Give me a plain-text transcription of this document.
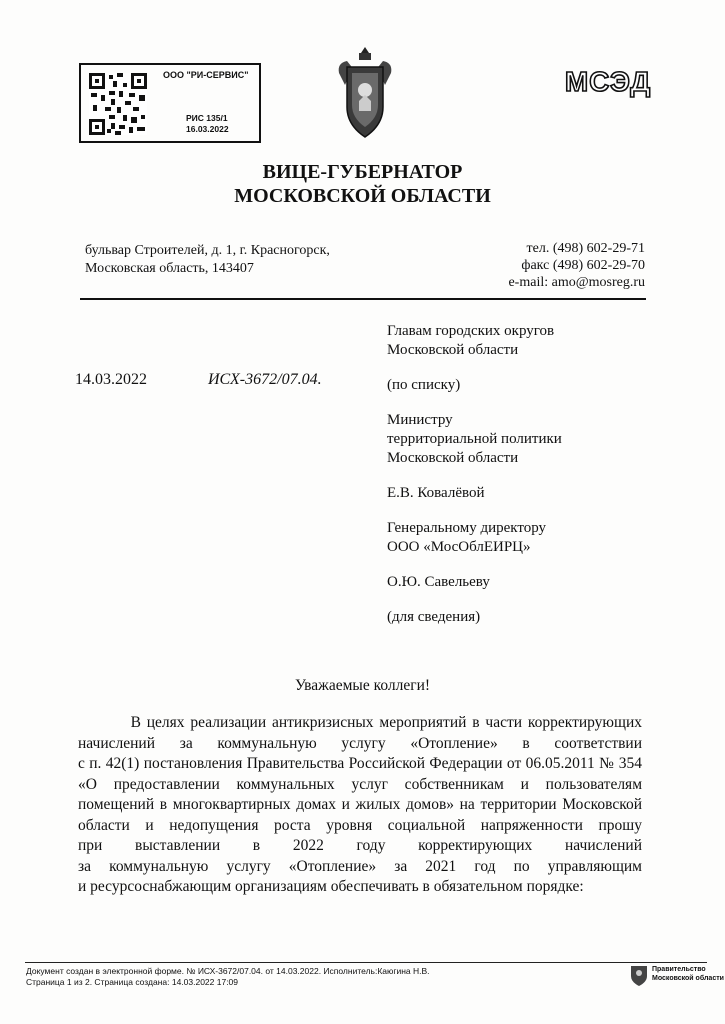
ООО "РИ-СЕРВИС"
РИС 135/1
16.03.2022
МСЭД
ВИЦЕ-ГУБЕРНАТОР
МОСКОВСКОЙ ОБЛАСТИ
бульвар Строителей, д. 1, г. Красногорск,
Московская область, 143407
тел. (498) 602-29-71
факс (498) 602-29-70
e-mail: amo@mosreg.ru
14.03.2022	ИСХ-3672/07.04.
Главам городских округов
Московской области
(по списку)
Министру
территориальной политики
Московской области
Е.В. Ковалёвой
Генеральному директору
ООО «МосОблЕИРЦ»
О.Ю. Савельеву
(для сведения)
Уважаемые коллеги!

В целях реализации антикризисных мероприятий в части корректирующих

начислений за коммунальную услугу «Отопление» в соответствии

с п. 42(1) постановления Правительства Российской Федерации от 06.05.2011 № 354

«О предоставлении коммунальных услуг собственникам и пользователям

помещений в многоквартирных домах и жилых домов» на территории Московской

области и недопущения роста уровня социальной напряженности прошу

при выставлении в 2022 году корректирующих начислений

за коммунальную услугу «Отопление» за 2021 год по управляющим

и ресурсоснабжающим организациям обеспечивать в обязательном порядке:

Документ создан в электронной форме. № ИСХ-3672/07.04. от 14.03.2022. Исполнитель:Каюгина Н.В.
Страница 1 из 2. Страница создана: 14.03.2022 17:09
Правительство
Московской области
